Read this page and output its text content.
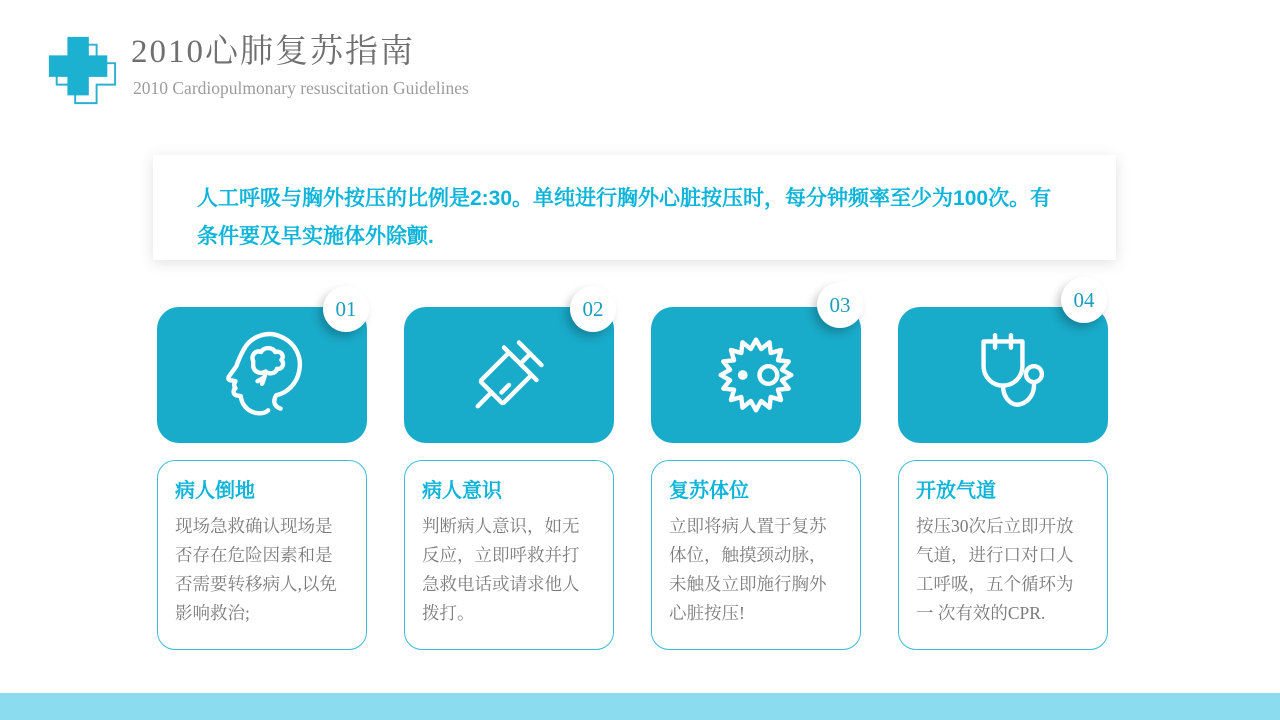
2010心肺复苏指南

2010 Cardiopulmonary resuscitation Guidelines

人工呼吸与胸外按压的比例是2:30。单纯进行胸外心脏按压时，每分钟频率至少为100次。有条件要及早实施体外除颤.

01
病人倒地

现场急救确认现场是否存在危险因素和是否需要转移病人,以免影响救治;

02
病人意识

判断病人意识，如无反应，立即呼救并打急救电话或请求他人拨打。

03
复苏体位

立即将病人置于复苏体位，触摸颈动脉，未触及立即施行胸外心脏按压!

04
开放气道

按压30次后立即开放气道，进行口对口人工呼吸，五个循环为一 次有效的CPR.
